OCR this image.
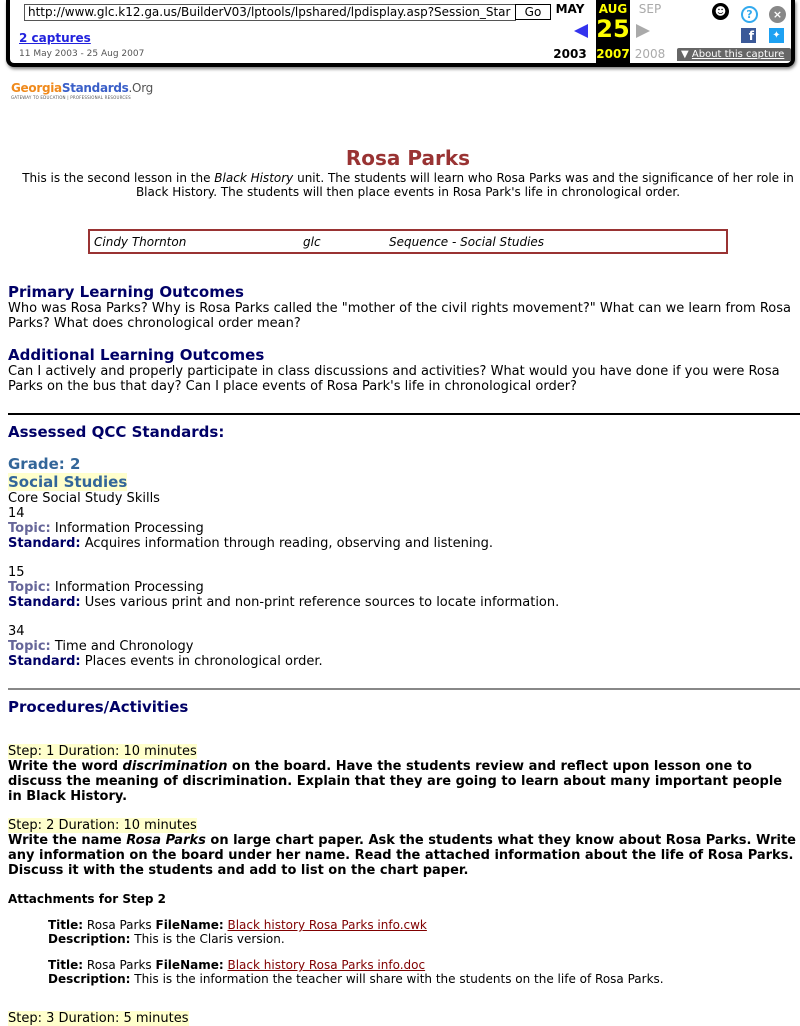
http://www.glc.k12.ga.us/BuilderV03/lptools/lpshared/lpdisplay.asp?Session_Star	Go
2 captures
11 May 2003 - 25 Aug 2007
MAY
2003
AUG
25
2007
SEP
2008
☻	?	×
f	✦
▼ About this capture
GeorgiaStandards.Org
GATEWAY TO EDUCATION | PROFESSIONAL RESOURCES
Rosa Parks
This is the second lesson in the Black History unit. The students will learn who Rosa Parks was and the significance of her role in Black History. The students will then place events in Rosa Park's life in chronological order.
Cindy Thornton	glc	Sequence - Social Studies
Primary Learning Outcomes
Who was Rosa Parks? Why is Rosa Parks called the "mother of the civil rights movement?" What can we learn from Rosa Parks? What does chronological order mean?
Additional Learning Outcomes
Can I actively and properly participate in class discussions and activities? What would you have done if you were Rosa Parks on the bus that day? Can I place events of Rosa Park's life in chronological order?
Assessed QCC Standards:
Grade: 2
Social Studies
Core Social Study Skills
14
Topic: Information Processing
Standard: Acquires information through reading, observing and listening.
15
Topic: Information Processing
Standard: Uses various print and non-print reference sources to locate information.
34
Topic: Time and Chronology
Standard: Places events in chronological order.
Procedures/Activities
Step: 1 Duration: 10 minutes
Write the word discrimination on the board. Have the students review and reflect upon lesson one to discuss the meaning of discrimination. Explain that they are going to learn about many important people in Black History.
Step: 2 Duration: 10 minutes
Write the name Rosa Parks on large chart paper. Ask the students what they know about Rosa Parks. Write any information on the board under her name. Read the attached information about the life of Rosa Parks. Discuss it with the students and add to list on the chart paper.
Attachments for Step 2
Title: Rosa Parks FileName: Black history Rosa Parks info.cwk
Description: This is the Claris version.
Title: Rosa Parks FileName: Black history Rosa Parks info.doc
Description: This is the information the teacher will share with the students on the life of Rosa Parks.
Step: 3 Duration: 5 minutes
